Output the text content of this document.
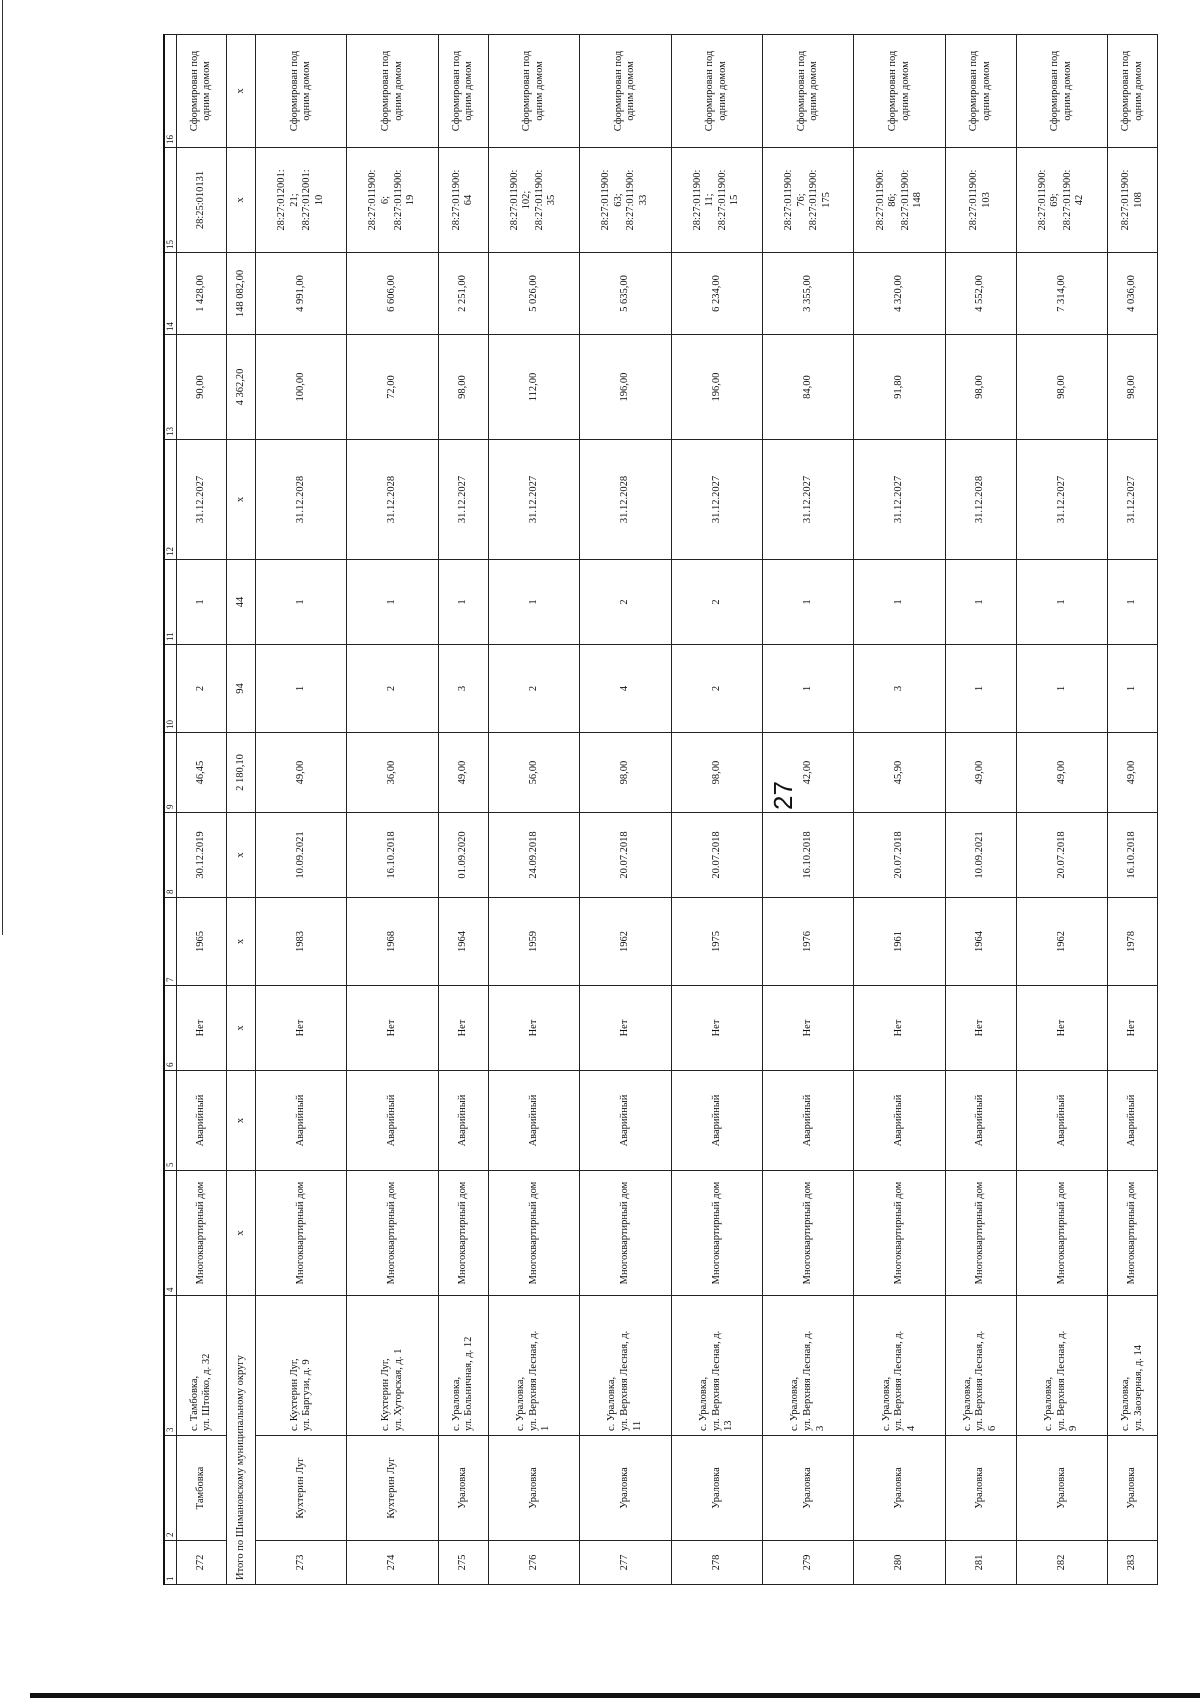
27
1	2	3	4	5	6	7	8	9	10	11	12	13	14	15	16
272	Тамбовка	с. Тамбовка, ул. Штойко, д. 32	Многоквартирный дом	Аварийный	Нет	1965	30.12.2019	46,45	2	1	31.12.2027	90,00	1 428,00	28:25:010131	Сформирован под одним домом
Итого по Шимановскому муниципальному округу			х	х	х	х	х	2 180,10	94	44	х	4 362,20	148 082,00	х	х
273	Кухтерин Луг	с. Кухтерин Луг, ул. Баргузи, д. 9	Многоквартирный дом	Аварийный	Нет	1983	10.09.2021	49,00	1	1	31.12.2028	100,00	4 991,00	28:27:012001: 21; 28:27:012001: 10	Сформирован под одним домом
274	Кухтерин Луг	с. Кухтерин Луг, ул. Хуторская, д. 1	Многоквартирный дом	Аварийный	Нет	1968	16.10.2018	36,00	2	1	31.12.2028	72,00	6 606,00	28:27:011900: 6; 28:27:011900: 19	Сформирован под одним домом
275	Ураловка	с. Ураловка, ул. Больничная, д. 12	Многоквартирный дом	Аварийный	Нет	1964	01.09.2020	49,00	3	1	31.12.2027	98,00	2 251,00	28:27:011900: 64	Сформирован под одним домом
276	Ураловка	с. Ураловка, ул. Верхняя Лесная, д. 1	Многоквартирный дом	Аварийный	Нет	1959	24.09.2018	56,00	2	1	31.12.2027	112,00	5 026,00	28:27:011900: 102; 28:27:011900: 35	Сформирован под одним домом
277	Ураловка	с. Ураловка, ул. Верхняя Лесная, д. 11	Многоквартирный дом	Аварийный	Нет	1962	20.07.2018	98,00	4	2	31.12.2028	196,00	5 635,00	28:27:011900: 63; 28:27:011900: 33	Сформирован под одним домом
278	Ураловка	с. Ураловка, ул. Верхняя Лесная, д. 13	Многоквартирный дом	Аварийный	Нет	1975	20.07.2018	98,00	2	2	31.12.2027	196,00	6 234,00	28:27:011900: 11; 28:27:011900: 15	Сформирован под одним домом
279	Ураловка	с. Ураловка, ул. Верхняя Лесная, д. 3	Многоквартирный дом	Аварийный	Нет	1976	16.10.2018	42,00	1	1	31.12.2027	84,00	3 355,00	28:27:011900: 76; 28:27:011900: 175	Сформирован под одним домом
280	Ураловка	с. Ураловка, ул. Верхняя Лесная, д. 4	Многоквартирный дом	Аварийный	Нет	1961	20.07.2018	45,90	3	1	31.12.2027	91,80	4 320,00	28:27:011900: 86; 28:27:011900: 148	Сформирован под одним домом
281	Ураловка	с. Ураловка, ул. Верхняя Лесная, д. 6	Многоквартирный дом	Аварийный	Нет	1964	10.09.2021	49,00	1	1	31.12.2028	98,00	4 552,00	28:27:011900: 103	Сформирован под одним домом
282	Ураловка	с. Ураловка, ул. Верхняя Лесная, д. 9	Многоквартирный дом	Аварийный	Нет	1962	20.07.2018	49,00	1	1	31.12.2027	98,00	7 314,00	28:27:011900: 69; 28:27:011900: 42	Сформирован под одним домом
283	Ураловка	с. Ураловка, ул. Заозерная, д. 14	Многоквартирный дом	Аварийный	Нет	1978	16.10.2018	49,00	1	1	31.12.2027	98,00	4 036,00	28:27:011900: 108	Сформирован под одним домом
